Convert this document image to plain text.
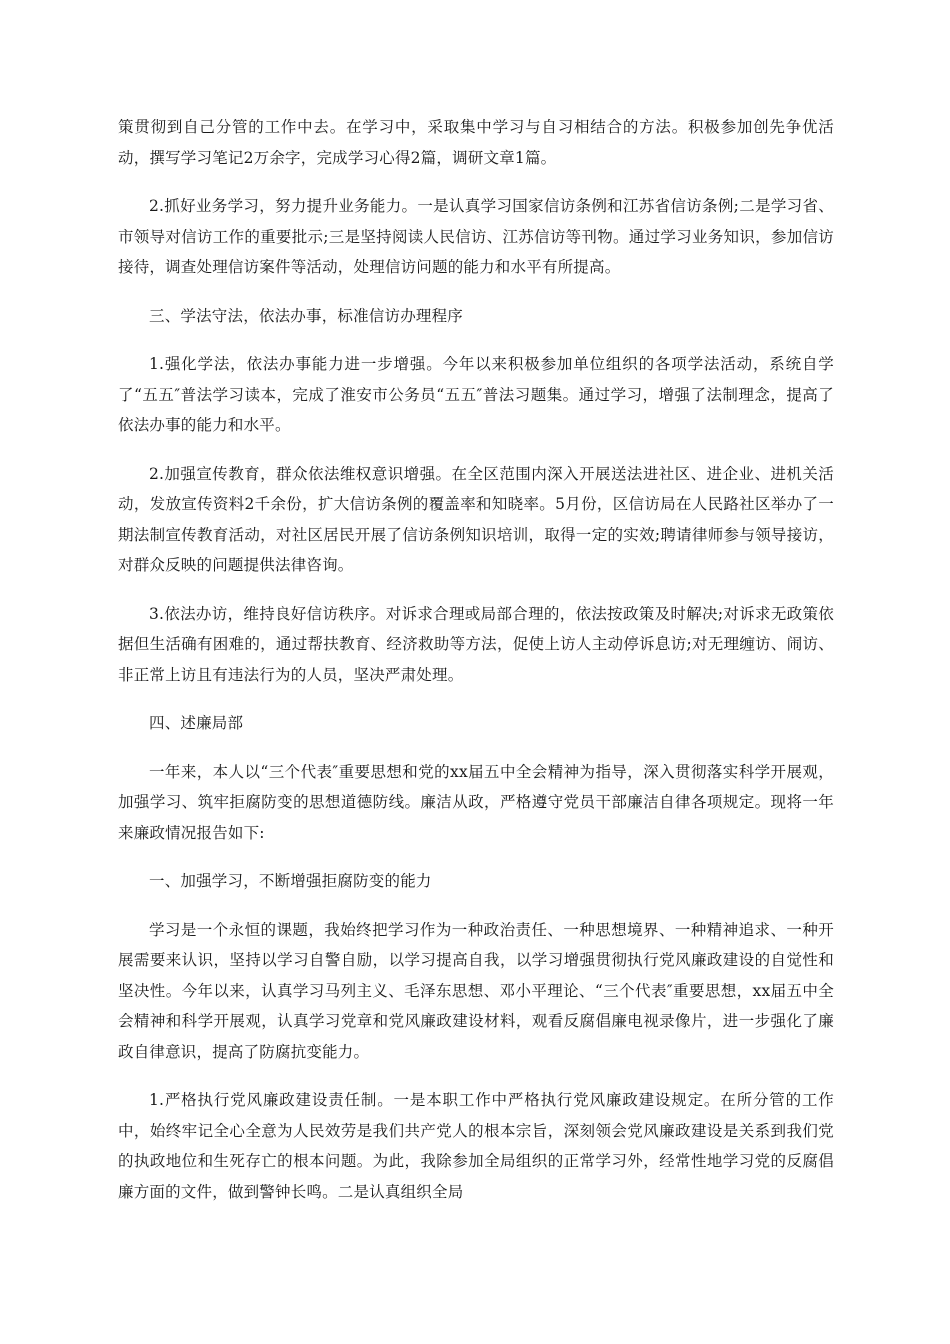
策贯彻到自己分管的工作中去。在学习中，采取集中学习与自习相结合的方法。积极参加创先争优活动，撰写学习笔记2万余字，完成学习心得2篇，调研文章1篇。

2.抓好业务学习，努力提升业务能力。一是认真学习国家信访条例和江苏省信访条例;二是学习省、市领导对信访工作的重要批示;三是坚持阅读人民信访、江苏信访等刊物。通过学习业务知识，参加信访接待，调查处理信访案件等活动，处理信访问题的能力和水平有所提高。

三、学法守法，依法办事，标准信访办理程序

1.强化学法，依法办事能力进一步增强。今年以来积极参加单位组织的各项学法活动，系统自学了“五五″普法学习读本，完成了淮安市公务员“五五″普法习题集。通过学习，增强了法制理念，提高了依法办事的能力和水平。

2.加强宣传教育，群众依法维权意识增强。在全区范围内深入开展送法进社区、进企业、进机关活动，发放宣传资料2千余份，扩大信访条例的覆盖率和知晓率。5月份，区信访局在人民路社区举办了一期法制宣传教育活动，对社区居民开展了信访条例知识培训，取得一定的实效;聘请律师参与领导接访，对群众反映的问题提供法律咨询。

3.依法办访，维持良好信访秩序。对诉求合理或局部合理的，依法按政策及时解决;对诉求无政策依据但生活确有困难的，通过帮扶教育、经济救助等方法，促使上访人主动停诉息访;对无理缠访、闹访、非正常上访且有违法行为的人员，坚决严肃处理。

四、述廉局部

一年来，本人以“三个代表″重要思想和党的xx届五中全会精神为指导，深入贯彻落实科学开展观，加强学习、筑牢拒腐防变的思想道德防线。廉洁从政，严格遵守党员干部廉洁自律各项规定。现将一年来廉政情况报告如下:

一、加强学习，不断增强拒腐防变的能力

学习是一个永恒的课题，我始终把学习作为一种政治责任、一种思想境界、一种精神追求、一种开展需要来认识，坚持以学习自警自励，以学习提高自我，以学习增强贯彻执行党风廉政建设的自觉性和坚决性。今年以来，认真学习马列主义、毛泽东思想、邓小平理论、“三个代表″重要思想，xx届五中全会精神和科学开展观，认真学习党章和党风廉政建设材料，观看反腐倡廉电视录像片，进一步强化了廉政自律意识，提高了防腐抗变能力。

1.严格执行党风廉政建设责任制。一是本职工作中严格执行党风廉政建设规定。在所分管的工作中，始终牢记全心全意为人民效劳是我们共产党人的根本宗旨，深刻领会党风廉政建设是关系到我们党的执政地位和生死存亡的根本问题。为此，我除参加全局组织的正常学习外，经常性地学习党的反腐倡廉方面的文件，做到警钟长鸣。二是认真组织全局
